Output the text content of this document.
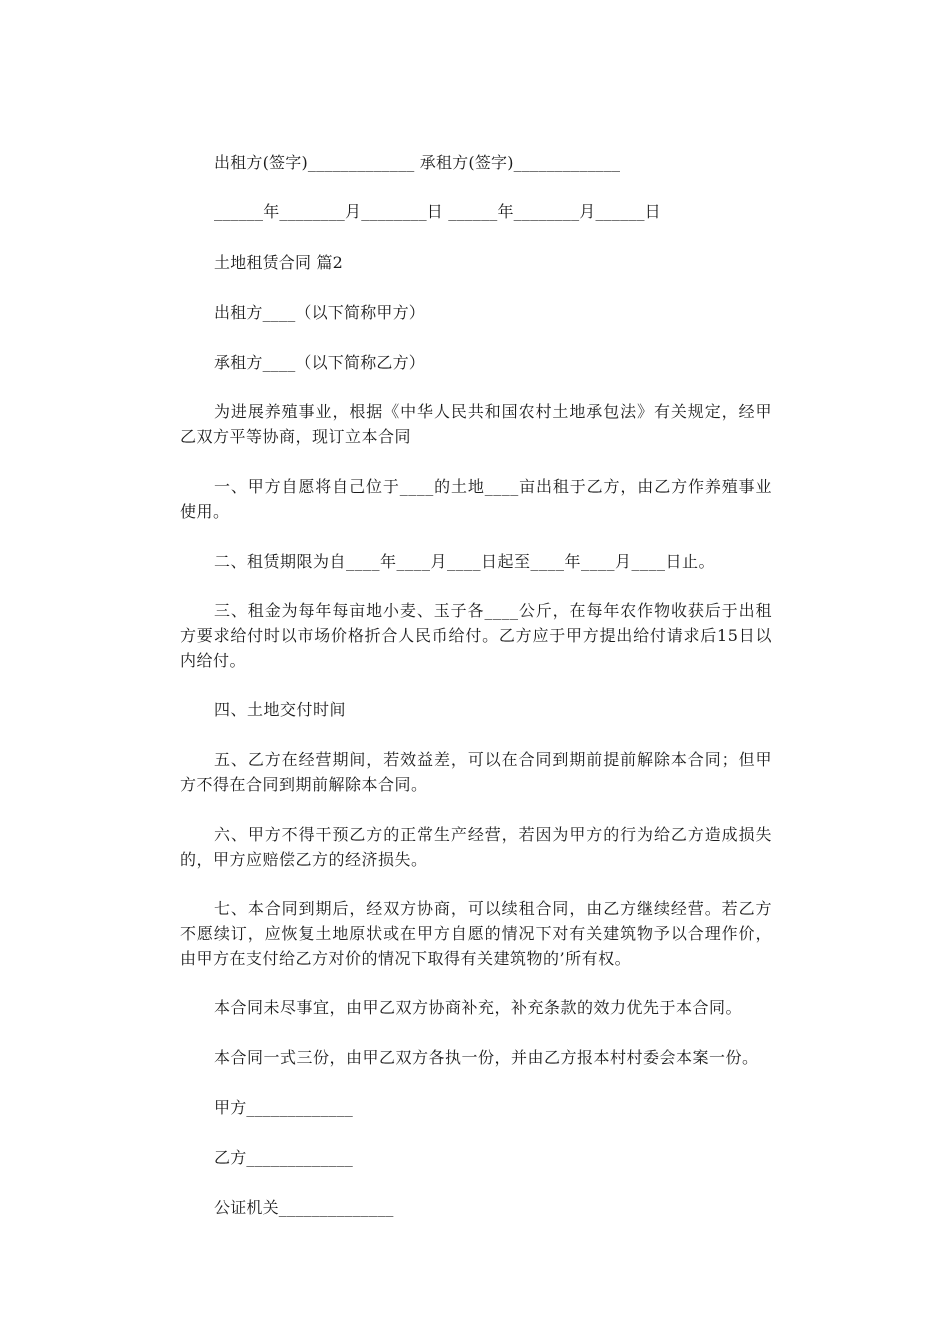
出租方(签字)_____________ 承租方(签字)_____________
______年________月________日 ______年________月______日
土地租赁合同 篇2
出租方____（以下简称甲方）
承租方____（以下简称乙方）
为进展养殖事业，根据《中华人民共和国农村土地承包法》有关规定，经甲乙双方平等协商，现订立本合同
一、甲方自愿将自己位于____的土地____亩出租于乙方，由乙方作养殖事业使用。
二、租赁期限为自____年____月____日起至____年____月____日止。
三、租金为每年每亩地小麦、玉子各____公斤，在每年农作物收获后于出租方要求给付时以市场价格折合人民币给付。乙方应于甲方提出给付请求后15日以内给付。
四、土地交付时间
五、乙方在经营期间，若效益差，可以在合同到期前提前解除本合同；但甲方不得在合同到期前解除本合同。
六、甲方不得干预乙方的正常生产经营，若因为甲方的行为给乙方造成损失的，甲方应赔偿乙方的经济损失。
七、本合同到期后，经双方协商，可以续租合同，由乙方继续经营。若乙方不愿续订，应恢复土地原状或在甲方自愿的情况下对有关建筑物予以合理作价，由甲方在支付给乙方对价的情况下取得有关建筑物的’所有权。
本合同未尽事宜，由甲乙双方协商补充，补充条款的效力优先于本合同。
本合同一式三份，由甲乙双方各执一份，并由乙方报本村村委会本案一份。
甲方_____________
乙方_____________
公证机关______________
